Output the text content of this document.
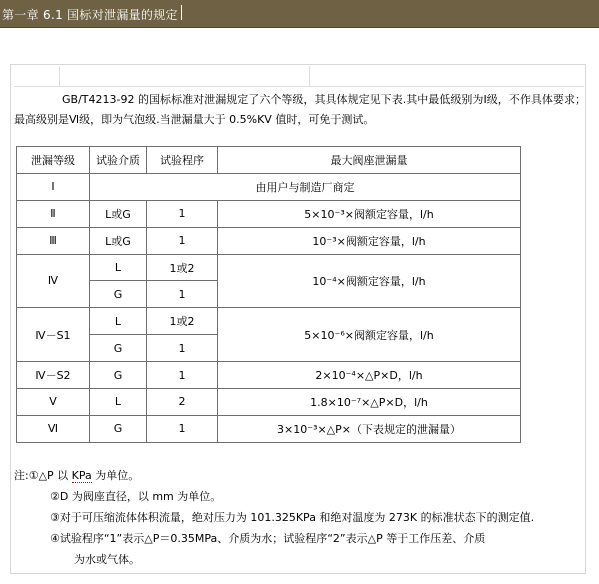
第一章 6.1 国标对泄漏量的规定
GB/T4213-92 的国标标准对泄漏规定了六个等级，其具体规定见下表.其中最低级别为Ⅰ级，不作具体要求；最高级别是Ⅵ级，即为气泡级.当泄漏量大于 0.5%KV 值时，可免于测试。
泄漏等级	试验介质	试验程序	最大阀座泄漏量
Ⅰ	由用户与制造厂商定		
Ⅱ	L或G	1	5×10⁻³×阀额定容量，l/h
Ⅲ	L或G	1	10⁻³×阀额定容量，l/h
Ⅳ	L	1或2	10⁻⁴×阀额定容量，l/h
	G	1	
Ⅳ－S1	L	1或2	5×10⁻⁶×阀额定容量，l/h
	G	1	
Ⅳ－S2	G	1	2×10⁻⁴×△P×D，l/h
Ⅴ	L	2	1.8×10⁻⁷×△P×D，l/h
Ⅵ	G	1	3×10⁻³×△P×（下表规定的泄漏量）
注:①△P 以 KPa 为单位。
②D 为阀座直径，以 mm 为单位。
③对于可压缩流体体积流量，绝对压力为 101.325KPa 和绝对温度为 273K 的标准状态下的测定值.
④试验程序“1”表示△P＝0.35MPa、介质为水；试验程序“2”表示△P 等于工作压差、介质
为水或气体。
